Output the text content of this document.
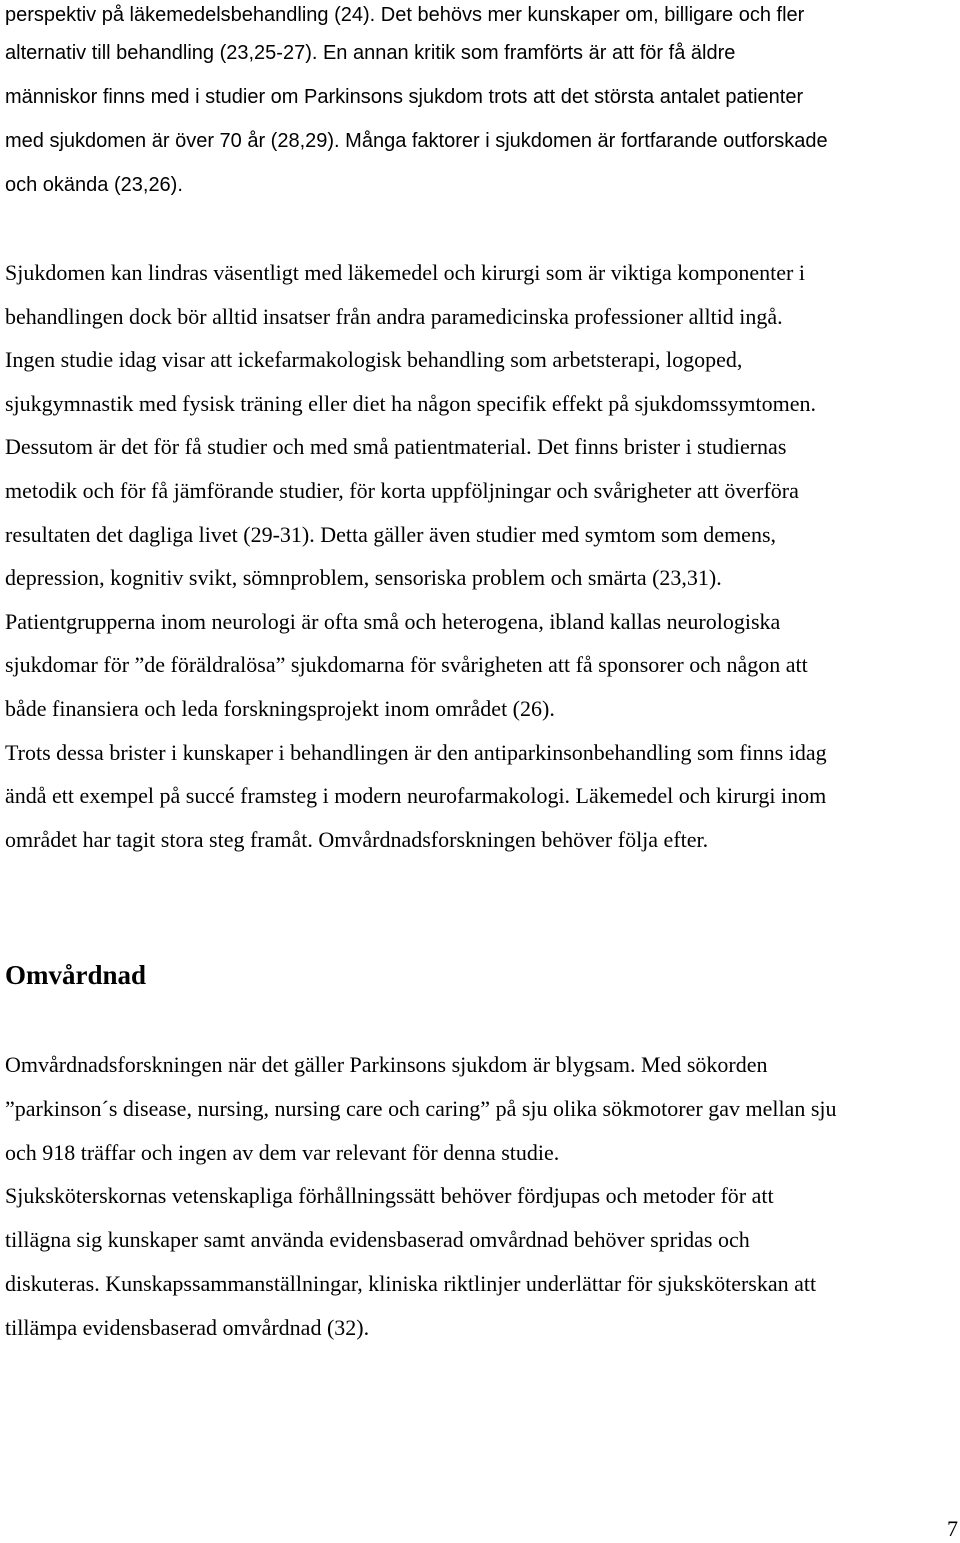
perspektiv på läkemedelsbehandling (24). Det behövs mer kunskaper om, billigare och fler
alternativ till behandling (23,25-27). En annan kritik som framförts är att för få äldre
människor finns med i studier om Parkinsons sjukdom trots att det största antalet patienter
med sjukdomen är över 70 år (28,29). Många faktorer i sjukdomen är fortfarande outforskade
och okända (23,26).
Sjukdomen kan lindras väsentligt med läkemedel och kirurgi som är viktiga komponenter i
behandlingen dock bör alltid insatser från andra paramedicinska professioner alltid ingå.
Ingen studie idag visar att ickefarmakologisk behandling som arbetsterapi, logoped,
sjukgymnastik med fysisk träning eller diet ha någon specifik effekt på sjukdomssymtomen.
Dessutom är det för få studier och med små patientmaterial. Det finns brister i studiernas
metodik och för få jämförande studier, för korta uppföljningar och svårigheter att överföra
resultaten det dagliga livet (29-31). Detta gäller även studier med symtom som demens,
depression, kognitiv svikt, sömnproblem, sensoriska problem och smärta (23,31).
Patientgrupperna inom neurologi är ofta små och heterogena, ibland kallas neurologiska
sjukdomar för ”de föräldralösa” sjukdomarna för svårigheten att få sponsorer och någon att
både finansiera och leda forskningsprojekt inom området (26).
Trots dessa brister i kunskaper i behandlingen är den antiparkinsonbehandling som finns idag
ändå ett exempel på succé framsteg i modern neurofarmakologi. Läkemedel och kirurgi inom
området har tagit stora steg framåt. Omvårdnadsforskningen behöver följa efter.
Omvårdnad
Omvårdnadsforskningen när det gäller Parkinsons sjukdom är blygsam. Med sökorden
”parkinson´s disease, nursing, nursing care och caring” på sju olika sökmotorer gav mellan sju
och 918 träffar och ingen av dem var relevant för denna studie.
Sjuksköterskornas vetenskapliga förhållningssätt behöver fördjupas och metoder för att
tillägna sig kunskaper samt använda evidensbaserad omvårdnad behöver spridas och
diskuteras. Kunskapssammanställningar, kliniska riktlinjer underlättar för sjuksköterskan att
tillämpa evidensbaserad omvårdnad (32).
7
